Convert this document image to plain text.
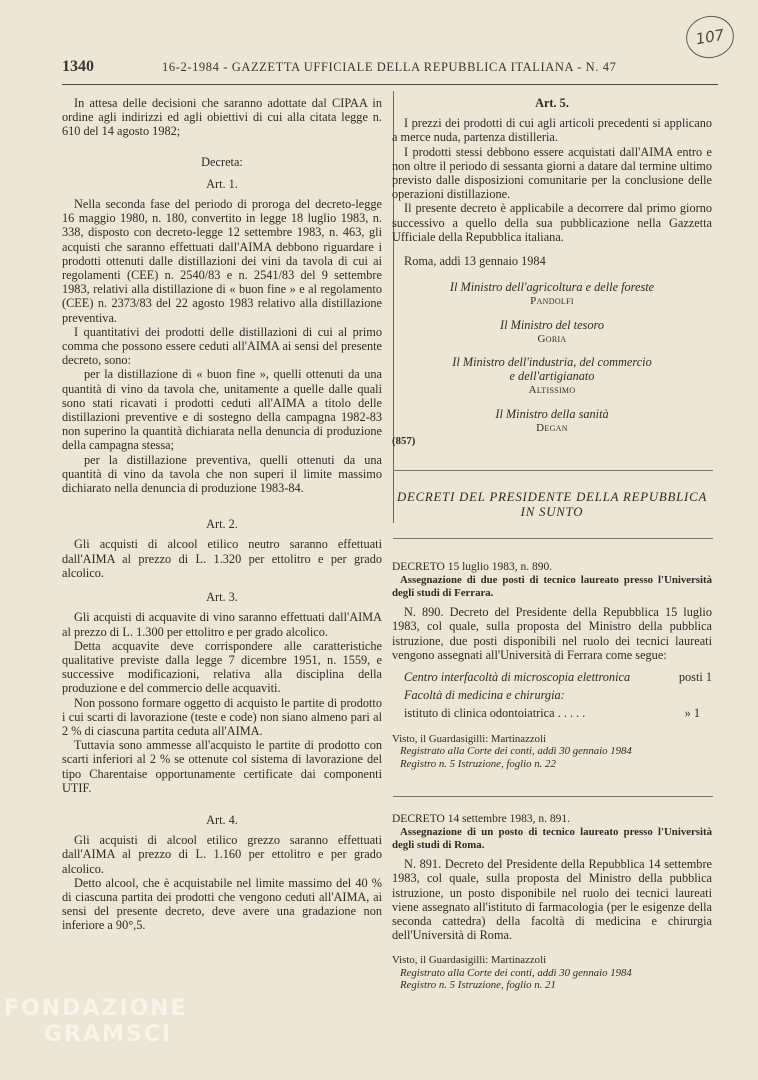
107
1340	16-2-1984 - GAZZETTA UFFICIALE DELLA REPUBBLICA ITALIANA - N. 47

In attesa delle decisioni che saranno adottate dal CIPAA in ordine agli indirizzi ed agli obiettivi di cui alla citata legge n. 610 del 14 agosto 1982;

Decreta:

Art. 1.

Nella seconda fase del periodo di proroga del decreto-legge 16 maggio 1980, n. 180, convertito in legge 18 luglio 1983, n. 338, disposto con decreto-legge 12 settembre 1983, n. 463, gli acquisti che saranno effettuati dall'AIMA debbono riguardare i prodotti ottenuti dalle distillazioni dei vini da tavola di cui ai regolamenti (CEE) n. 2540/83 e n. 2541/83 del 9 settembre 1983, relativi alla distillazione di « buon fine » e al regolamento (CEE) n. 2373/83 del 22 agosto 1983 relativo alla distillazione preventiva.

I quantitativi dei prodotti delle distillazioni di cui al primo comma che possono essere ceduti all'AIMA ai sensi del presente decreto, sono:

per la distillazione di « buon fine », quelli ottenuti da una quantità di vino da tavola che, unitamente a quelle dalle quali sono stati ricavati i prodotti ceduti all'AIMA a titolo delle distillazioni preventive e di sostegno della campagna 1982-83 non superino la quantità dichiarata nella denuncia di produzione della campagna stessa;

per la distillazione preventiva, quelli ottenuti da una quantità di vino da tavola che non superi il limite massimo dichiarato nella denuncia di produzione 1983-84.

Art. 2.

Gli acquisti di alcool etilico neutro saranno effettuati dall'AIMA al prezzo di L. 1.320 per ettolitro e per grado alcolico.

Art. 3.

Gli acquisti di acquavite di vino saranno effettuati dall'AIMA al prezzo di L. 1.300 per ettolitro e per grado alcolico.

Detta acquavite deve corrispondere alle caratteristiche qualitative previste dalla legge 7 dicembre 1951, n. 1559, e successive modificazioni, relativa alla disciplina della produzione e del commercio delle acquaviti.

Non possono formare oggetto di acquisto le partite di prodotto i cui scarti di lavorazione (teste e code) non siano almeno pari al 2 % di ciascuna partita ceduta all'AIMA.

Tuttavia sono ammesse all'acquisto le partite di prodotto con scarti inferiori al 2 % se ottenute col sistema di lavorazione del tipo Charentaise opportunamente certificate dai componenti UTIF.

Art. 4.

Gli acquisti di alcool etilico grezzo saranno effettuati dall'AIMA al prezzo di L. 1.160 per ettolitro e per grado alcolico.

Detto alcool, che è acquistabile nel limite massimo del 40 % di ciascuna partita dei prodotti che vengono ceduti all'AIMA, ai sensi del presente decreto, deve avere una gradazione non inferiore a 90°,5.

Art. 5.

I prezzi dei prodotti di cui agli articoli precedenti si applicano a merce nuda, partenza distilleria.

I prodotti stessi debbono essere acquistati dall'AIMA entro e non oltre il periodo di sessanta giorni a datare dal termine ultimo previsto dalle disposizioni comunitarie per la conclusione delle operazioni distillazione.

Il presente decreto è applicabile a decorrere dal primo giorno successivo a quello della sua pubblicazione nella Gazzetta Ufficiale della Repubblica italiana.

Roma, addì 13 gennaio 1984

Il Ministro dell'agricoltura e delle foreste

Pandolfi

Il Ministro del tesoro

Goria

Il Ministro dell'industria, del commercio

e dell'artigianato

Altissimo

Il Ministro della sanità

Degan

(857)

DECRETI DEL PRESIDENTE DELLA REPUBBLICA

IN SUNTO

DECRETO 15 luglio 1983, n. 890.

Assegnazione di due posti di tecnico laureato presso l'Università degli studi di Ferrara.

N. 890. Decreto del Presidente della Repubblica 15 luglio 1983, col quale, sulla proposta del Ministro della pubblica istruzione, due posti disponibili nel ruolo dei tecnici laureati vengono assegnati all'Università di Ferrara come segue:

Centro interfacoltà di microscopia elettronica	posti 1

Facoltà di medicina e chirurgia:

istituto di clinica odontoiatrica . . . . .	» 1

Visto, il Guardasigilli: Martinazzoli

Registrato alla Corte dei conti, addì 30 gennaio 1984

Registro n. 5 Istruzione, foglio n. 22

DECRETO 14 settembre 1983, n. 891.

Assegnazione di un posto di tecnico laureato presso l'Università degli studi di Roma.

N. 891. Decreto del Presidente della Repubblica 14 settembre 1983, col quale, sulla proposta del Ministro della pubblica istruzione, un posto disponibile nel ruolo dei tecnici laureati viene assegnato all'istituto di farmacologia (per le esigenze della seconda cattedra) della facoltà di medicina e chirurgia dell'Università di Roma.

Visto, il Guardasigilli: Martinazzoli

Registrato alla Corte dei conti, addì 30 gennaio 1984

Registro n. 5 Istruzione, foglio n. 21

FONDAZIONE
GRAMSCI
